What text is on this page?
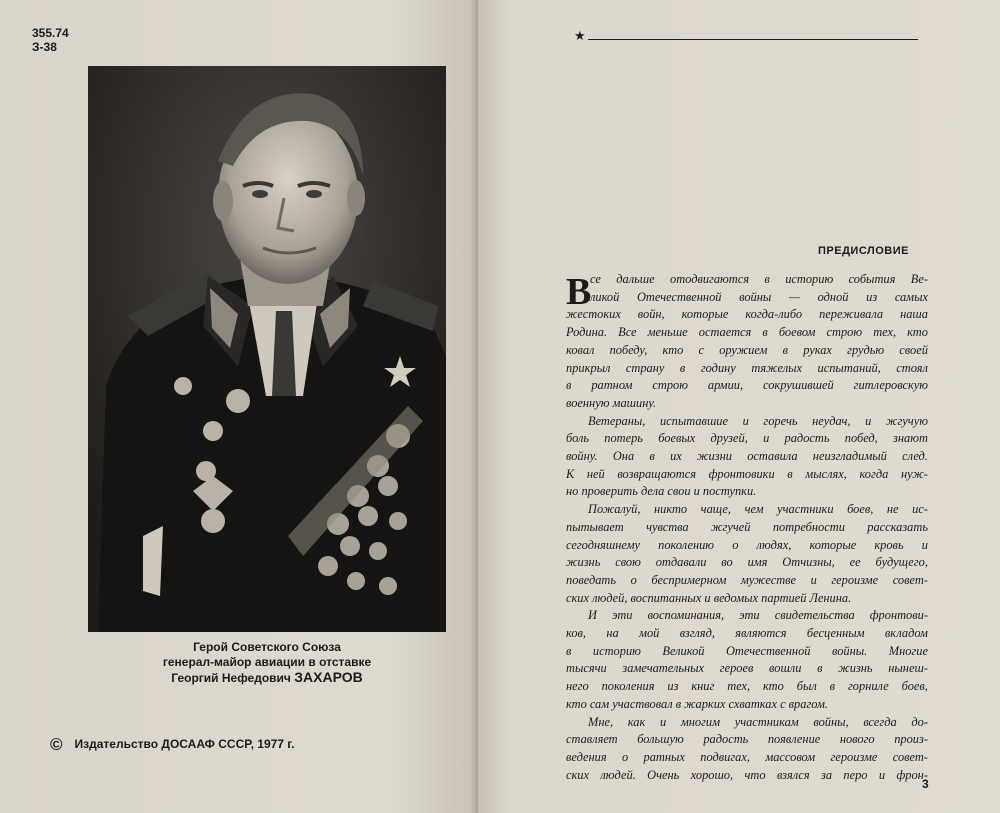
355.74
З-38
Герой Советского Союза
генерал-майор авиации в отставке
Георгий Нефедович ЗАХАРОВ
© Издательство ДОСААФ СССР, 1977 г.
★
ПРЕДИСЛОВИЕ
В
се дальше отодвигаются в историю события Ве-
ликой Отечественной войны — одной из самых
жестоких войн, которые когда-либо переживала наша
Родина. Все меньше остается в боевом строю тех, кто
ковал победу, кто с оружием в руках грудью своей
прикрыл страну в годину тяжелых испытаний, стоял
в ратном строю армии, сокрушившей гитлеровскую
военную машину.
Ветераны, испытавшие и горечь неудач, и жгучую
боль потерь боевых друзей, и радость побед, знают
войну. Она в их жизни оставила неизгладимый след.
К ней возвращаются фронтовики в мыслях, когда нуж-
но проверить дела свои и поступки.
Пожалуй, никто чаще, чем участники боев, не ис-
пытывает чувства жгучей потребности рассказать
сегодняшнему поколению о людях, которые кровь и
жизнь свою отдавали во имя Отчизны, ее будущего,
поведать о беспримерном мужестве и героизме совет-
ских людей, воспитанных и ведомых партией Ленина.
И эти воспоминания, эти свидетельства фронтови-
ков, на мой взгляд, являются бесценным вкладом
в историю Великой Отечественной войны. Многие
тысячи замечательных героев вошли в жизнь нынеш-
него поколения из книг тех, кто был в горниле боев,
кто сам участвовал в жарких схватках с врагом.
Мне, как и многим участникам войны, всегда до-
ставляет большую радость появление нового произ-
ведения о ратных подвигах, массовом героизме совет-
ских людей. Очень хорошо, что взялся за перо и фрон-
3
